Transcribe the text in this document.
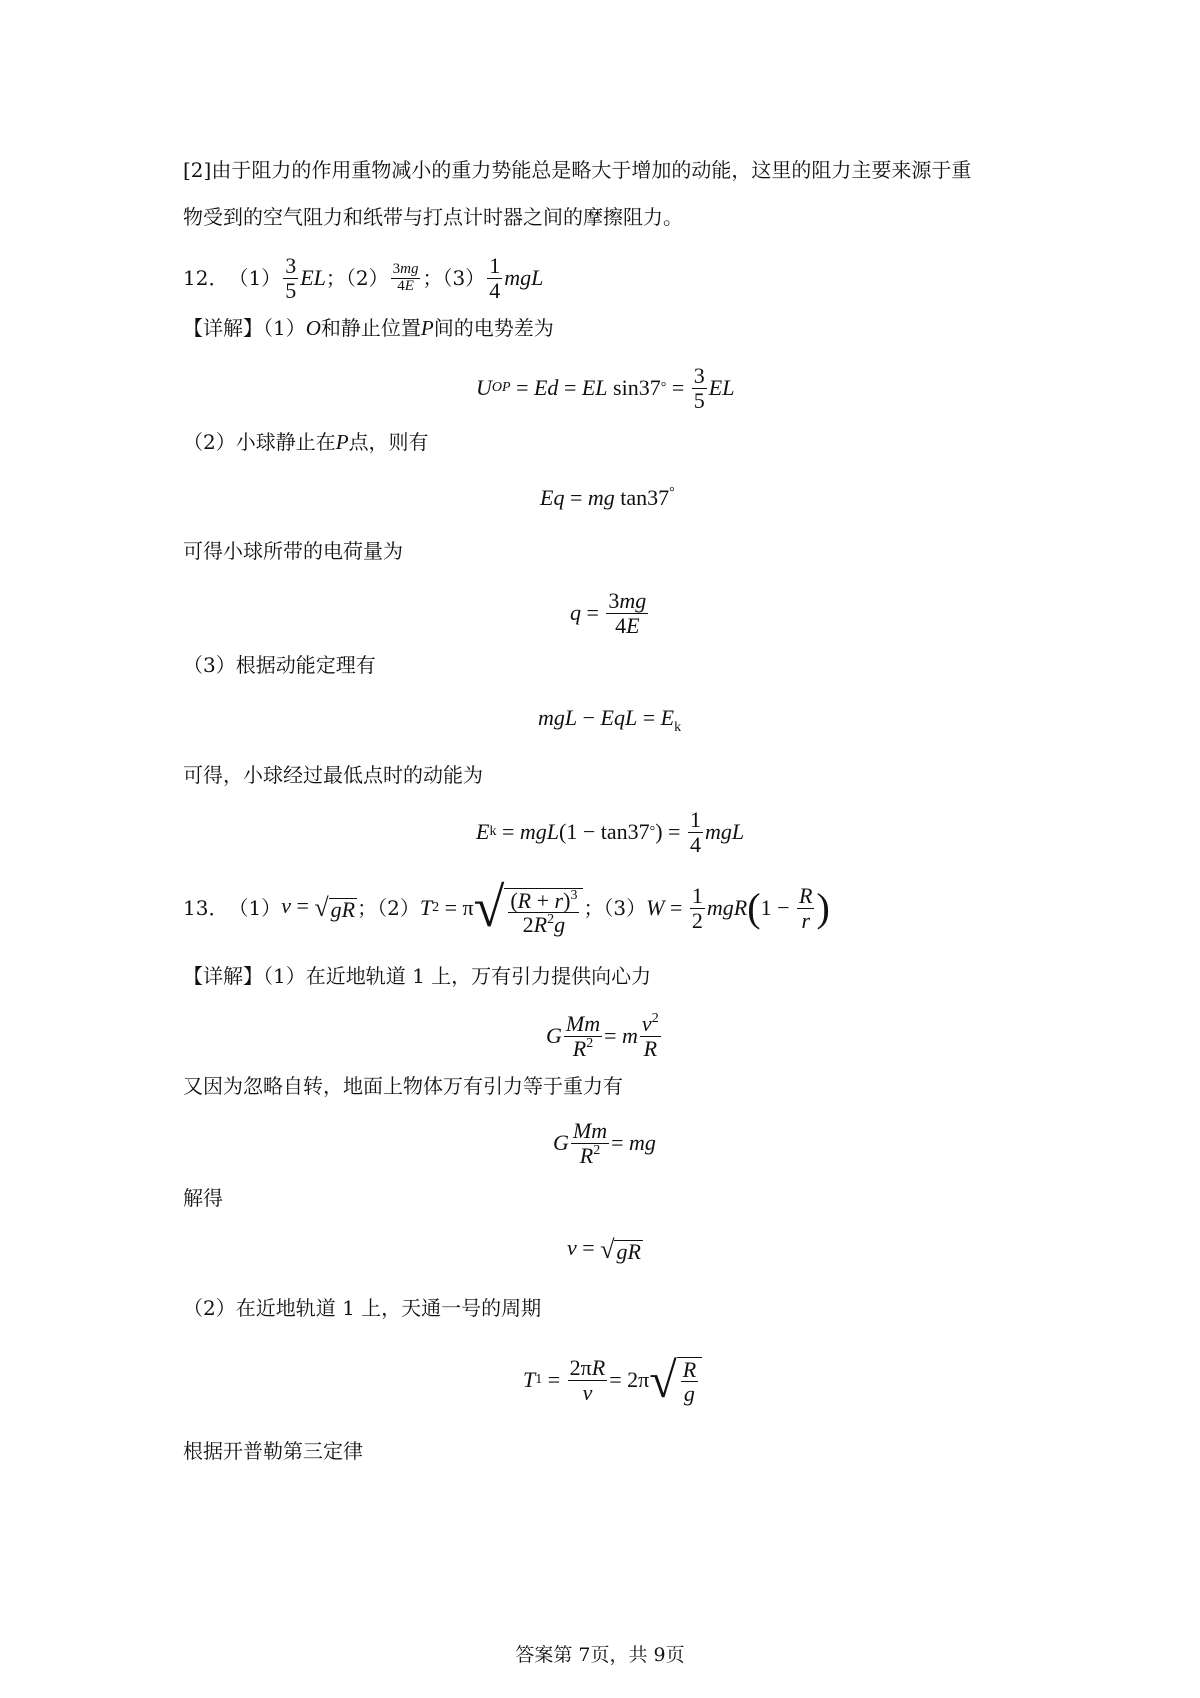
[2]由于阻力的作用重物减小的重力势能总是略大于增加的动能，这里的阻力主要来源于重
物受到的空气阻力和纸带与打点计时器之间的摩擦阻力。
12． $(1) \frac{3}{5}$ EL ；$(2) \frac{3mg}{4E}$ ；$(3) \frac{1}{4}$ mgL
【详解】（1）O和静止位置P间的电势差为
U OP = Ed = EL sin37 ° = $\frac{3}{5}$ EL
（2）小球静止在P点，则有
Eq = mg tan37°
可得小球所带的电荷量为
$q = \frac{3mg}{4E}$
（3）根据动能定理有
mgL − EqL = $E_k$
可得，小球经过最低点时的动能为
E k = mgL (1 − tan37 ° ) = $\frac{1}{4}$ mgL
13． （1） v = √ gR ；（2） T 2 = π √ $\frac{(R + r)^3}{2R^2g}$ ；（3） $W = \frac{1}{2}$ mgR ( $1 - \frac{R}{r}$ )
【详解】（1）在近地轨道 1 上，万有引力提供向心力
G $\frac{Mm}{R^2} = m \frac{v^2}{R}$
又因为忽略自转，地面上物体万有引力等于重力有
G $\frac{Mm}{R^2}$ = mg
解得
v = √ gR
（2）在近地轨道 1 上，天通一号的周期
T $1 = \frac{2\pi R}{v} = 2\pi$ √ $\frac{R}{g}$
根据开普勒第三定律
答案第 7页，共 9页
